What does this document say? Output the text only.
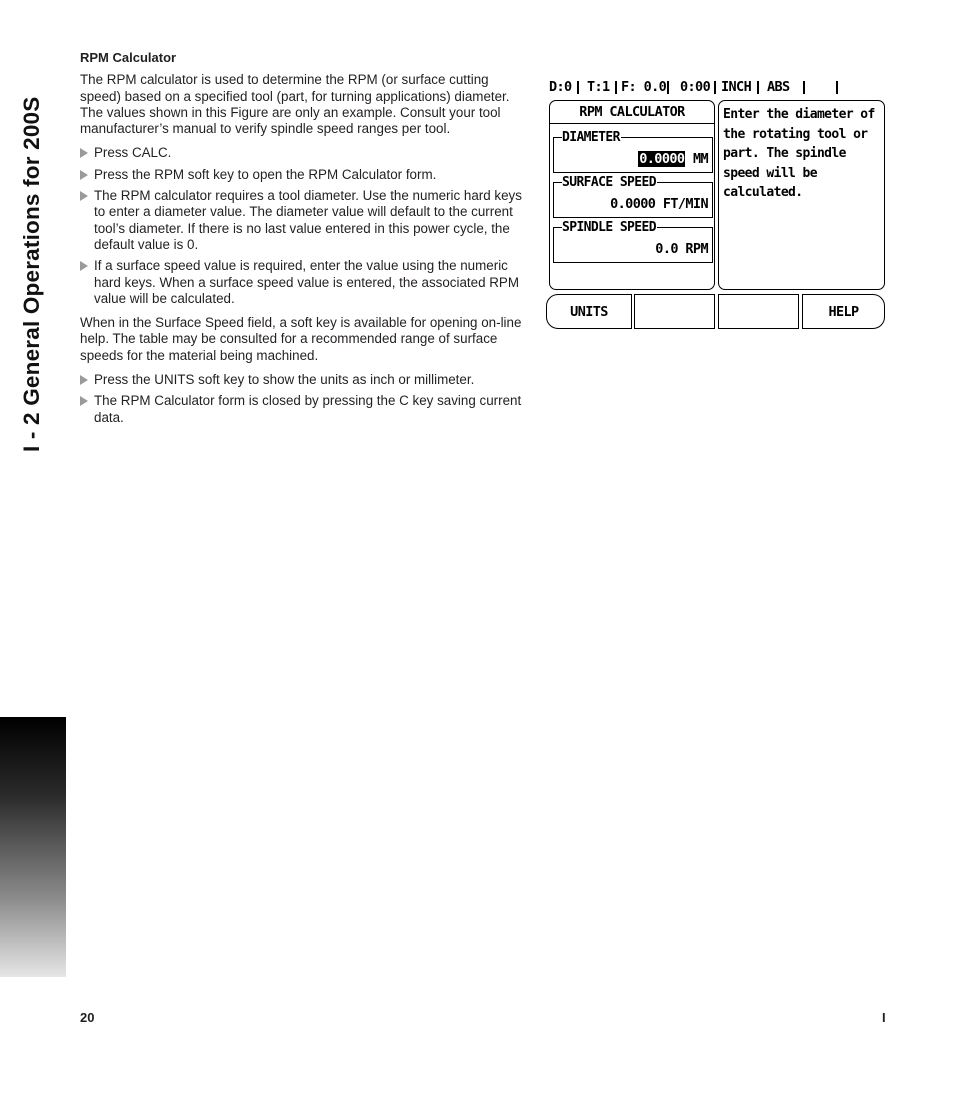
I - 2 General Operations for 200S
RPM Calculator
The RPM calculator is used to determine the RPM (or surface cutting speed) based on a specified tool (part, for turning applications) diameter. The values shown in this Figure are only an example. Consult your tool manufacturer’s manual to verify spindle speed ranges per tool.
Press CALC.
Press the RPM soft key to open the RPM Calculator form.
The RPM calculator requires a tool diameter. Use the numeric hard keys to enter a diameter value. The diameter value will default to the current tool’s diameter. If there is no last value entered in this power cycle, the default value is 0.
If a surface speed value is required, enter the value using the numeric hard keys. When a surface speed value is entered, the associated RPM value will be calculated.
When in the Surface Speed field, a soft key is available for opening on-line help. The table may be consulted for a recommended range of surface speeds for the material being machined.
Press the UNITS soft key to show the units as inch or millimeter.
The RPM Calculator form is closed by pressing the C key saving current data.
D:0 T:1 F: 0.0 0:00 INCH ABS
RPM CALCULATOR
DIAMETER
0.0000 MM
SURFACE SPEED
0.0000 FT/MIN
SPINDLE SPEED
0.0 RPM
Enter the diameter of the rotating tool or part. The spindle speed will be calculated.
UNITS	HELP
20	I
